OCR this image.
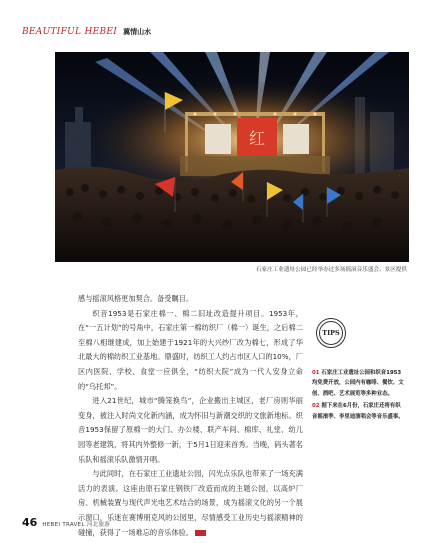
BEAUTIFUL HEBEI 冀情山水
红
石家庄工业遗址公园已经举办过多场摇滚音乐盛会。景区提供

感与摇滚风格更加契合。备受瞩目。

织音1953是石家庄棉一、棉二旧址改造提升项目。1953年，在“一五计划”的号角中，石家庄第一棉纺织厂（棉一）诞生，之后棉二至棉八相继建成，加上始建于1921年的大兴纱厂改为棉七，形成了华北最大的棉纺织工业基地。鼎盛时，纺织工人约占市区人口的10%，厂区内医院、学校、食堂一应俱全，“纺织大院”成为一代人安身立命的“乌托邦”。

进入21世纪，城市“腾笼换鸟”，企业搬出主城区，老厂房则华丽变身，被注入时尚文化新内涵，成为怀旧与新潮交织的文旅新地标。织音1953保留了原棉一的大门、办公楼、联产车间、棉库、礼堂、幼儿园等老建筑，将其内外整修一新，于5月1日迎来首秀。当晚，码头著名乐队和摇滚乐队激情开唱。

与此同时，在石家庄工业遗址公园，闪光点乐队也带来了一场充满活力的表演。这座由原石家庄钢铁厂改造而成的主题公园，以高炉厂房、机械装置与现代声光电艺术结合的场景，成为摇滚文化的另一个展示窗口，乐迷在赛博朋克风的公园里，尽情感受工业历史与摇滚精神的碰撞，获得了一场难忘的音乐体验。

TIPS
01 石家庄工业遗址公园和织音1953均免费开放，公园内有咖啡、餐饮、文创、酒吧、艺术展览等多种业态。
02 据下来在6月份，石家庄还将有织音摇滚季、李里迪演唱会等音乐盛事。
46 HEBEI TRAVEL 河北旅游
